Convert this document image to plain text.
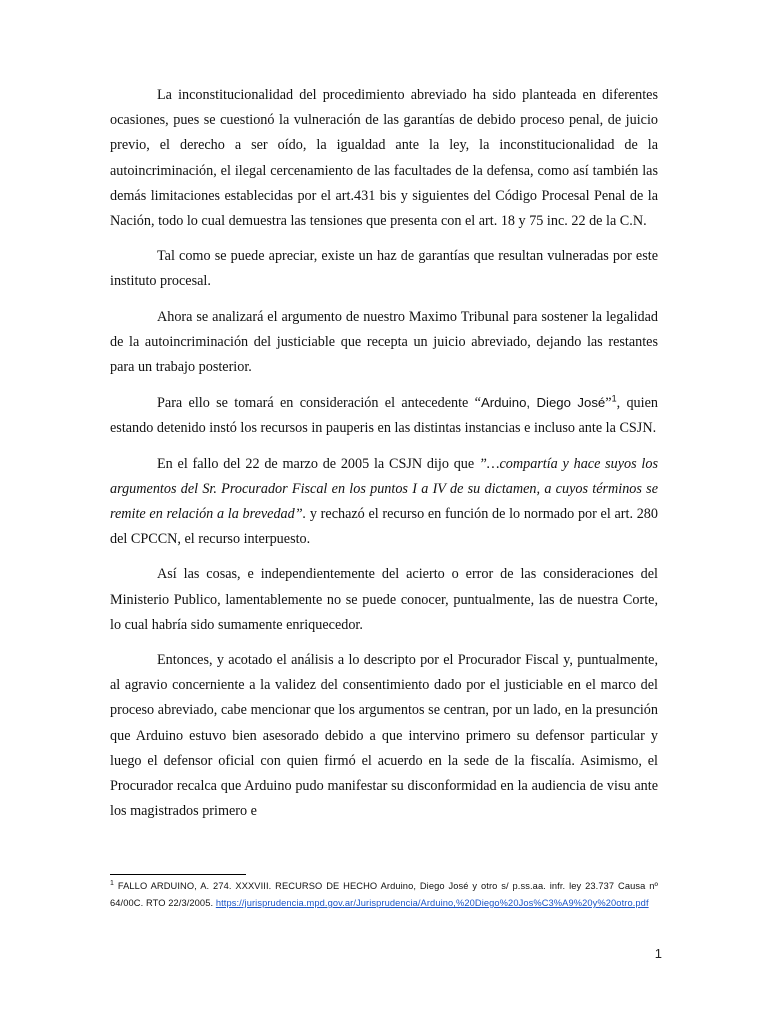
La inconstitucionalidad del procedimiento abreviado ha sido planteada en diferentes ocasiones, pues se cuestionó la vulneración de las garantías de debido proceso penal, de juicio previo, el derecho a ser oído, la igualdad ante la ley, la inconstitucionalidad de la autoincriminación, el ilegal cercenamiento de las facultades de la defensa, como así también las demás limitaciones establecidas por el art.431 bis y siguientes del Código Procesal Penal de la Nación, todo lo cual demuestra las tensiones que presenta con el art. 18 y 75 inc. 22 de la C.N.

Tal como se puede apreciar, existe un haz de garantías que resultan vulneradas por este instituto procesal.

Ahora se analizará el argumento de nuestro Maximo Tribunal para sostener la legalidad de la autoincriminación del justiciable que recepta un juicio abreviado, dejando las restantes para un trabajo posterior.

Para ello se tomará en consideración el antecedente “Arduino, Diego José”$^1$, quien estando detenido instó los recursos in pauperis en las distintas instancias e incluso ante la CSJN.

En el fallo del 22 de marzo de 2005 la CSJN dijo que ”…compartía y hace suyos los argumentos del Sr. Procurador Fiscal en los puntos I a IV de su dictamen, a cuyos términos se remite en relación a la brevedad”. y rechazó el recurso en función de lo normado por el art. 280 del CPCCN, el recurso interpuesto.

Así las cosas, e independientemente del acierto o error de las consideraciones del Ministerio Publico, lamentablemente no se puede conocer, puntualmente, las de nuestra Corte, lo cual habría sido sumamente enriquecedor.

Entonces, y acotado el análisis a lo descripto por el Procurador Fiscal y, puntualmente, al agravio concerniente a la validez del consentimiento dado por el justiciable en el marco del proceso abreviado, cabe mencionar que los argumentos se centran, por un lado, en la presunción que Arduino estuvo bien asesorado debido a que intervino primero su defensor particular y luego el defensor oficial con quien firmó el acuerdo en la sede de la fiscalía. Asimismo, el Procurador recalca que Arduino pudo manifestar su disconformidad en la audiencia de visu ante los magistrados primero e

$^1$ FALLO ARDUINO, A. 274. XXXVIII. RECURSO DE HECHO Arduino, Diego José y otro s/ p.ss.aa. infr. ley 23.737 Causa nº 64/00C. RTO 22/3/2005. https://jurisprudencia.mpd.gov.ar/Jurisprudencia/Arduino,%20Diego%20Jos%C3%A9%20y%20otro.pdf
1
